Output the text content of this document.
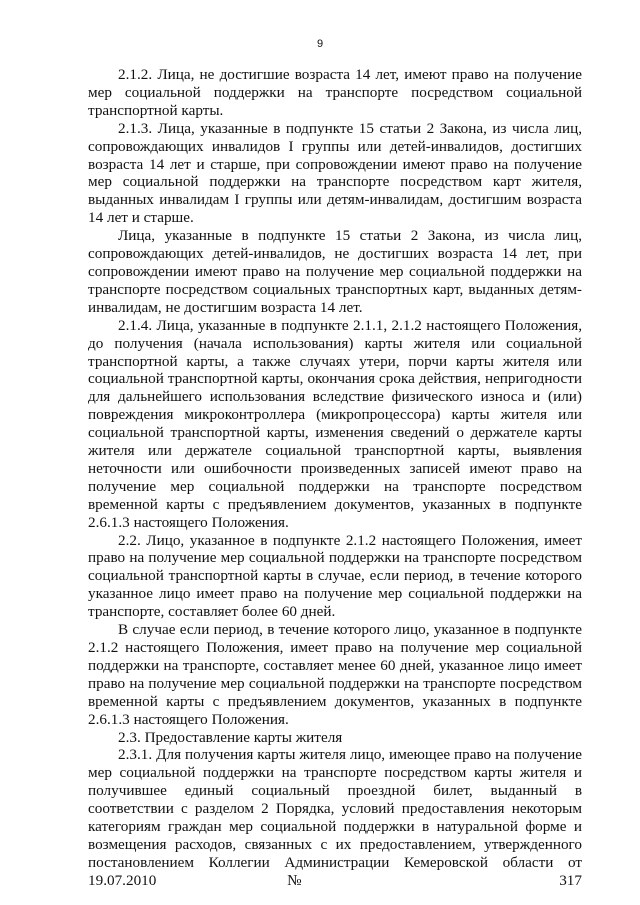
9

2.1.2. Лица, не достигшие возраста 14 лет, имеют право на получение мер социальной поддержки на транспорте посредством социальной транспортной карты.

2.1.3. Лица, указанные в подпункте 15 статьи 2 Закона, из числа лиц, сопровождающих инвалидов I группы или детей-инвалидов, достигших возраста 14 лет и старше, при сопровождении имеют право на получение мер социальной поддержки на транспорте посредством карт жителя, выданных инвалидам I группы или детям-инвалидам, достигшим возраста 14 лет и старше.

Лица, указанные в подпункте 15 статьи 2 Закона, из числа лиц, сопровождающих детей-инвалидов, не достигших возраста 14 лет, при сопровождении имеют право на получение мер социальной поддержки на транспорте посредством социальных транспортных карт, выданных детям-инвалидам, не достигшим возраста 14 лет.

2.1.4. Лица, указанные в подпункте 2.1.1, 2.1.2 настоящего Положения, до получения (начала использования) карты жителя или социальной транспортной карты, а также случаях утери, порчи карты жителя или социальной транспортной карты, окончания срока действия, непригодности для дальнейшего использования вследствие физического износа и (или) повреждения микроконтроллера (микропроцессора) карты жителя или социальной транспортной карты, изменения сведений о держателе карты жителя или держателе социальной транспортной карты, выявления неточности или ошибочности произведенных записей имеют право на получение мер социальной поддержки на транспорте посредством временной карты с предъявлением документов, указанных в подпункте 2.6.1.3 настоящего Положения.

2.2. Лицо, указанное в подпункте 2.1.2 настоящего Положения, имеет право на получение мер социальной поддержки на транспорте посредством социальной транспортной карты в случае, если период, в течение которого указанное лицо имеет право на получение мер социальной поддержки на транспорте, составляет более 60 дней.

В случае если период, в течение которого лицо, указанное в подпункте 2.1.2 настоящего Положения, имеет право на получение мер социальной поддержки на транспорте, составляет менее 60 дней, указанное лицо имеет право на получение мер социальной поддержки на транспорте посредством временной карты с предъявлением документов, указанных в подпункте 2.6.1.3 настоящего Положения.

2.3. Предоставление карты жителя

2.3.1. Для получения карты жителя лицо, имеющее право на получение мер социальной поддержки на транспорте посредством карты жителя и получившее единый социальный проездной билет, выданный в соответствии с разделом 2 Порядка, условий предоставления некоторым категориям граждан мер социальной поддержки в натуральной форме и возмещения расходов, связанных с их предоставлением, утвержденного постановлением Коллегии Администрации Кемеровской области от 19.07.2010 № 317
